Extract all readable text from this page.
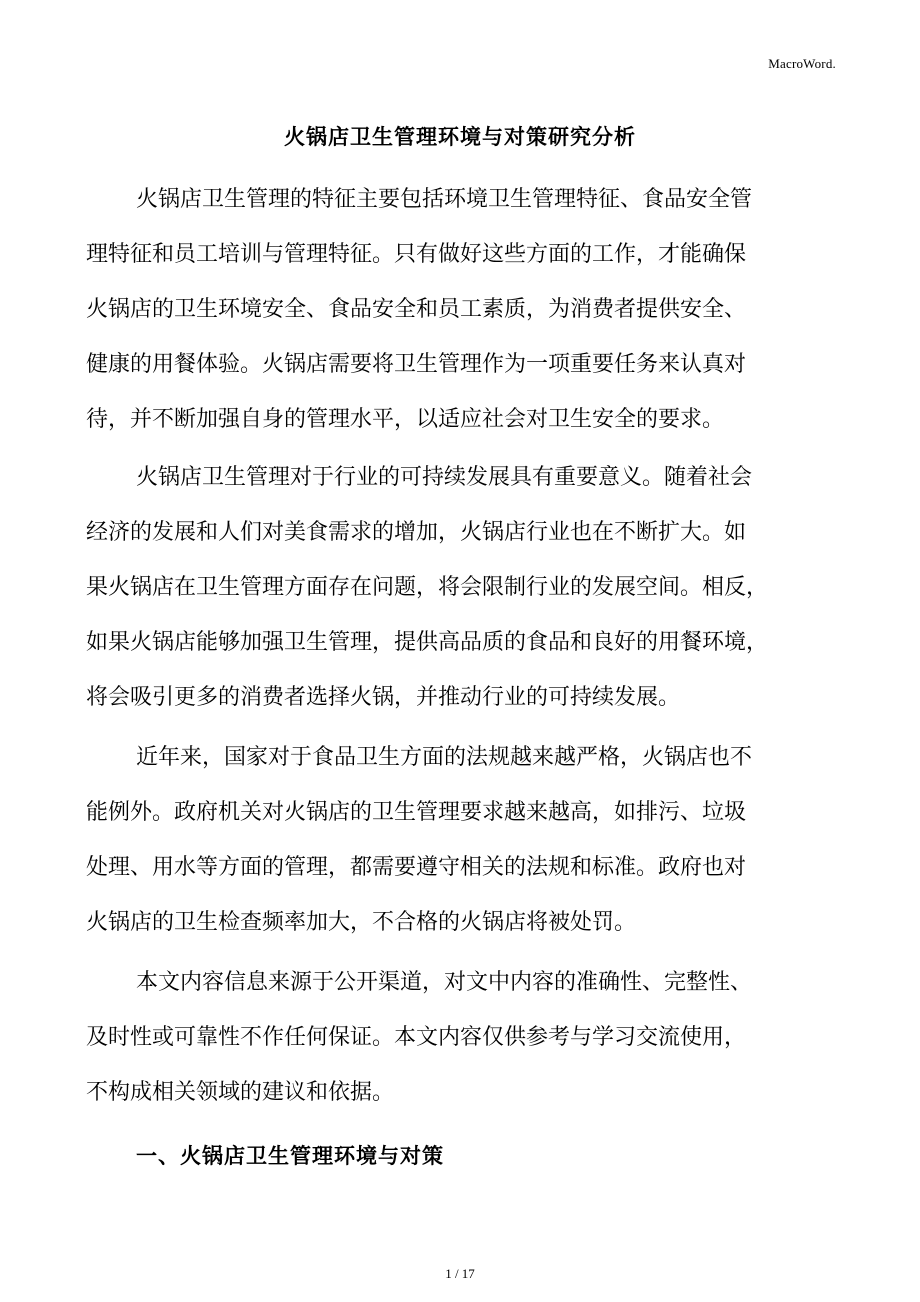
MacroWord.
火锅店卫生管理环境与对策研究分析
火锅店卫生管理的特征主要包括环境卫生管理特征、食品安全管
理特征和员工培训与管理特征。只有做好这些方面的工作，才能确保
火锅店的卫生环境安全、食品安全和员工素质，为消费者提供安全、
健康的用餐体验。火锅店需要将卫生管理作为一项重要任务来认真对
待，并不断加强自身的管理水平，以适应社会对卫生安全的要求。
火锅店卫生管理对于行业的可持续发展具有重要意义。随着社会
经济的发展和人们对美食需求的增加，火锅店行业也在不断扩大。如
果火锅店在卫生管理方面存在问题，将会限制行业的发展空间。相反，
如果火锅店能够加强卫生管理，提供高品质的食品和良好的用餐环境，
将会吸引更多的消费者选择火锅，并推动行业的可持续发展。
近年来，国家对于食品卫生方面的法规越来越严格，火锅店也不
能例外。政府机关对火锅店的卫生管理要求越来越高，如排污、垃圾
处理、用水等方面的管理，都需要遵守相关的法规和标准。政府也对
火锅店的卫生检查频率加大，不合格的火锅店将被处罚。
本文内容信息来源于公开渠道，对文中内容的准确性、完整性、
及时性或可靠性不作任何保证。本文内容仅供参考与学习交流使用，
不构成相关领域的建议和依据。
一、火锅店卫生管理环境与对策
1 / 17
